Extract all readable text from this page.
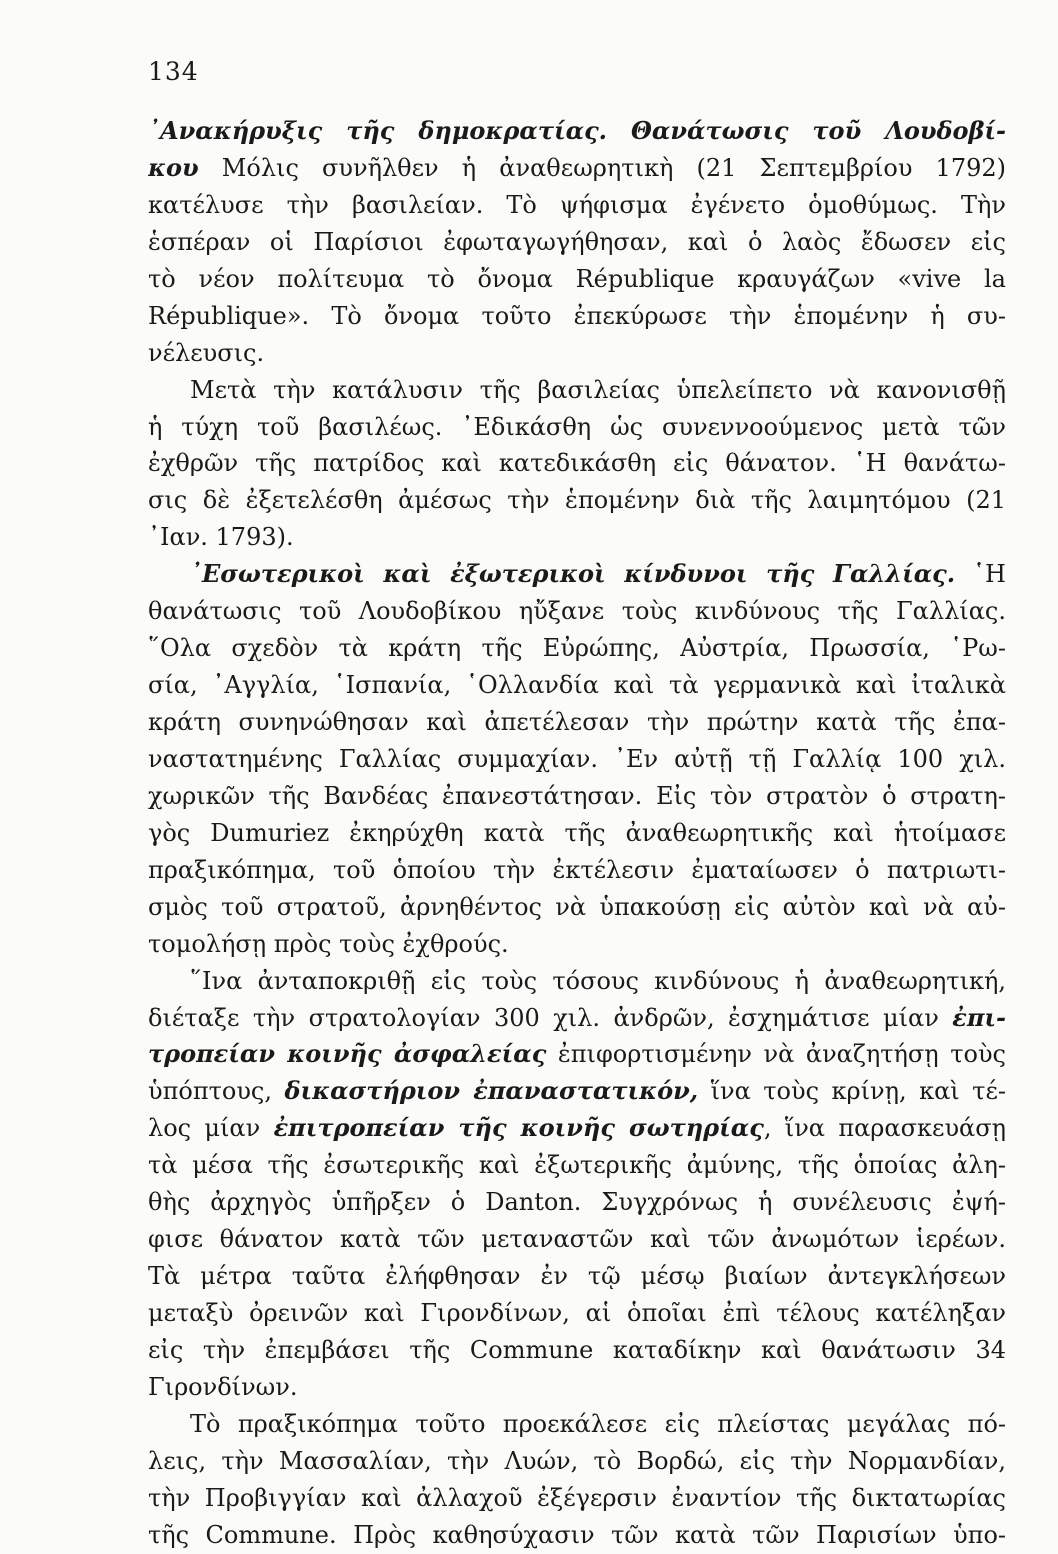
134
᾽Ανακήρυξις τῆς δημοκρατίας. Θανάτωσις τοῦ Λουδοβί-
κου Μόλις συνῆλθεν ἡ ἀναθεωρητικὴ (21 Σεπτεμβρίου 1792)
κατέλυσε τὴν βασιλείαν. Τὸ ψήφισμα ἐγένετο ὁμοθύμως. Τὴν
ἑσπέραν οἱ Παρίσιοι ἐφωταγωγήθησαν, καὶ ὁ λαὸς ἔδωσεν εἰς
τὸ νέον πολίτευμα τὸ ὄνομα République κραυγάζων «vive la
République». Τὸ ὄνομα τοῦτο ἐπεκύρωσε τὴν ἑπομένην ἡ συ-
νέλευσις.
Μετὰ τὴν κατάλυσιν τῆς βασιλείας ὑπελείπετο νὰ κανονισθῇ
ἡ τύχη τοῦ βασιλέως. ᾽Εδικάσθη ὡς συνεννοούμενος μετὰ τῶν
ἐχθρῶν τῆς πατρίδος καὶ κατεδικάσθη εἰς θάνατον. ῾Η θανάτω-
σις δὲ ἐξετελέσθη ἀμέσως τὴν ἑπομένην διὰ τῆς λαιμητόμου (21
᾽Ιαν. 1793).
᾽Εσωτερικοὶ καὶ ἐξωτερικοὶ κίνδυνοι τῆς Γαλλίας. ῾Η
θανάτωσις τοῦ Λουδοβίκου ηὔξανε τοὺς κινδύνους τῆς Γαλλίας.
῞Ολα σχεδὸν τὰ κράτη τῆς Εὐρώπης, Αὐστρία, Πρωσσία, ῾Ρω-
σία, ᾽Αγγλία, ῾Ισπανία, ῾Ολλανδία καὶ τὰ γερμανικὰ καὶ ἰταλικὰ
κράτη συνηνώθησαν καὶ ἀπετέλεσαν τὴν πρώτην κατὰ τῆς ἐπα-
ναστατημένης Γαλλίας συμμαχίαν. ᾽Εν αὐτῇ τῇ Γαλλίᾳ 100 χιλ.
χωρικῶν τῆς Βανδέας ἐπανεστάτησαν. Εἰς τὸν στρατὸν ὁ στρατη-
γὸς Dumuriez ἐκηρύχθη κατὰ τῆς ἀναθεωρητικῆς καὶ ἡτοίμασε
πραξικόπημα, τοῦ ὁποίου τὴν ἐκτέλεσιν ἐματαίωσεν ὁ πατριωτι-
σμὸς τοῦ στρατοῦ, ἀρνηθέντος νὰ ὑπακούσῃ εἰς αὐτὸν καὶ νὰ αὐ-
τομολήσῃ πρὸς τοὺς ἐχθρούς.
῞Ινα ἀνταποκριθῇ εἰς τοὺς τόσους κινδύνους ἡ ἀναθεωρητική,
διέταξε τὴν στρατολογίαν 300 χιλ. ἀνδρῶν, ἐσχημάτισε μίαν ἐπι-
τροπείαν κοινῆς ἀσφαλείας ἐπιφορτισμένην νὰ ἀναζητήσῃ τοὺς
ὑπόπτους, δικαστήριον ἐπαναστατικόν, ἵνα τοὺς κρίνῃ, καὶ τέ-
λος μίαν ἐπιτροπείαν τῆς κοινῆς σωτηρίας, ἵνα παρασκευάσῃ
τὰ μέσα τῆς ἐσωτερικῆς καὶ ἐξωτερικῆς ἀμύνης, τῆς ὁποίας ἀλη-
θὴς ἀρχηγὸς ὑπῆρξεν ὁ Danton. Συγχρόνως ἡ συνέλευσις ἐψή-
φισε θάνατον κατὰ τῶν μεταναστῶν καὶ τῶν ἀνωμότων ἱερέων.
Τὰ μέτρα ταῦτα ἐλήφθησαν ἐν τῷ μέσῳ βιαίων ἀντεγκλήσεων
μεταξὺ ὀρεινῶν καὶ Γιρονδίνων, αἱ ὁποῖαι ἐπὶ τέλους κατέληξαν
εἰς τὴν ἐπεμβάσει τῆς Commune καταδίκην καὶ θανάτωσιν 34
Γιρονδίνων.
Τὸ πραξικόπημα τοῦτο προεκάλεσε εἰς πλείστας μεγάλας πό-
λεις, τὴν Μασσαλίαν, τὴν Λυών, τὸ Βορδώ, εἰς τὴν Νορμανδίαν,
τὴν Προβιγγίαν καὶ ἀλλαχοῦ ἐξέγερσιν ἐναντίον τῆς δικτατωρίας
τῆς Commune. Πρὸς καθησύχασιν τῶν κατὰ τῶν Παρισίων ὑπο-
